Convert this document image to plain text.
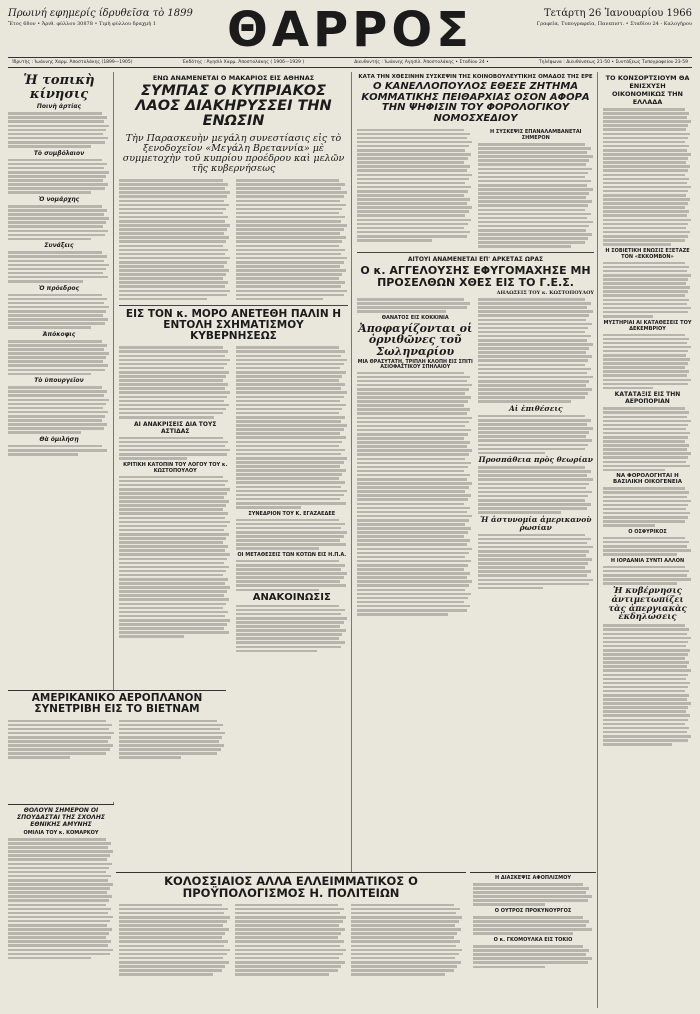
Πρωινή εφημερίς ίδρυθεῖσα τὸ 1899
Ἔτος 68ον • Ἀριθ. φύλλου 30878 • Τιμὴ φύλλου δραχμὴ 1	ΘΑΡΡΟΣ	Τετάρτη 26 Ἰανουαρίου 1966
Γραφεῖα, Τυπογραφεῖα, Πανεπιστ. • Σταδίου 24 - Καλογήρου
Ἱδρυτὴς : Ἰωάννης Χαρμ. Ἀποστολάκης (1899—1905)	Ἐκδότης : Ἀγησὶλ Χαρμ. Ἀποστολάκης ( 1906—1929 )	Διευθυντής : Ἰωάννης Αγησὶλ. Ἀποστολάκης • Σταδίου 24 •	Τηλέφωνα : Διευθύνσεως 21-50 • Συντάξεως Τυπογραφείου 23-59
Ἡ τοπικὴ κίνησις
Ποινὴ ἀρτίας
Τὸ συμβόλαιον
Ὁ νομάρχης
Συνάξεις
Ὁ πρόεδρος
Ἀπόκοψις
Τὸ ὑπουργεῖον
Θὰ ὁμιλήσῃ
ΑΜΕΡΙΚΑΝΙΚΟ ΑΕΡΟΠΛΑΝΟΝ ΣΥΝΕΤΡΙΒΗ ΕΙΣ ΤΟ ΒΙΕΤΝΑΜ
ΘΟΛΟΥΝ ΣΗΜΕΡΟΝ ΟΙ ΣΠΟΥΔΑΣΤΑΙ ΤΗΣ ΣΧΟΛΗΣ ΕΘΝΙΚΗΣ ΑΜΥΝΗΣ
ΟΜΙΛΙΑ ΤΟΥ κ. ΚΟΜΑΡΚΟΥ
ΕΝΩ ΑΝΑΜΕΝΕΤΑΙ Ο ΜΑΚΑΡΙΟΣ ΕΙΣ ΑΘΗΝΑΣ
ΣΥΜΠΑΣ Ο ΚΥΠΡΙΑΚΟΣ ΛΑΟΣ ΔΙΑΚΗΡΥΣΣΕΙ ΤΗΝ ΕΝΩΣΙΝ
Τὴν Παρασκευὴν μεγάλη συνεστίασις εἰς τὸ ξενοδοχεῖον «Μεγάλη Βρεταννία» μὲ συμμετοχὴν τοῦ κυπρίου προέδρου καὶ μελῶν τῆς κυβερνήσεως
ΕΙΣ ΤΟΝ κ. ΜΟΡΟ ΑΝΕΤΕΘΗ ΠΑΛΙΝ Η ΕΝΤΟΛΗ ΣΧΗΜΑΤΙΣΜΟΥ ΚΥΒΕΡΝΗΣΕΩΣ
ΑΙ ΑΝΑΚΡΙΣΕΙΣ ΔΙΑ ΤΟΥΣ ΑΣΤΙΔΑΣ
ΚΡΙΤΙΚΗ ΚΑΤΟΠΙΝ ΤΟΥ ΛΟΓΟΥ ΤΟΥ κ. ΚΩΣΤΟΠΟΥΛΟΥ
ΣΥΝΕΔΡΙΟΝ ΤΟΥ Κ. ΕΓΑΖΑΕΔΕΕ
ΟΙ ΜΕΤΑΘΕΣΕΙΣ ΤΩΝ ΚΟΤΩΝ ΕΙΣ Η.Π.Α.
ΑΝΑΚΟΙΝΩΣΙΣ
ΚΟΛΟΣΣΙΑΙΟΣ ΑΛΛΑ ΕΛΛΕΙΜΜΑΤΙΚΟΣ Ο ΠΡΟΫΠΟΛΟΓΙΣΜΟΣ Η. ΠΟΛΙΤΕΙΩΝ
ΚΑΤΑ ΤΗΝ ΧΘΕΣΙΝΗΝ ΣΥΣΚΕΨΙΝ ΤΗΣ ΚΟΙΝΟΒΟΥΛΕΥΤΙΚΗΣ ΟΜΑΔΟΣ ΤΗΣ ΕΡΕ
Ο ΚΑΝΕΛΛΟΠΟΥΛΟΣ ΕΘΕΣΕ ΖΗΤΗΜΑ ΚΟΜΜΑΤΙΚΗΣ ΠΕΙΘΑΡΧΙΑΣ ΟΣΟΝ ΑΦΟΡΑ ΤΗΝ ΨΗΦΙΣΙΝ ΤΟΥ ΦΟΡΟΛΟΓΙΚΟΥ ΝΟΜΟΣΧΕΔΙΟΥ
Η ΣΥΣΚΕΨΙΣ ΕΠΑΝΑΛΑΜΒΑΝΕΤΑΙ ΣΗΜΕΡΟΝ
ΑΙΤΟΥΙ ΑΝΑΜΕΝΕΤΑΙ ΕΠ' ΑΡΚΕΤΑΣ ΩΡΑΣ
Ο κ. ΑΓΓΕΛΟΥΣΗΣ ΕΦΥΓΟΜΑΧΗΣΕ ΜΗ ΠΡΟΣΕΛΘΩΝ ΧΘΕΣ ΕΙΣ ΤΟ Γ.Ε.Σ.
ΔΗΛΩΣΕΙΣ ΤΟΥ κ. ΚΩΣΤΟΠΟΥΛΟΥ
ΘΑΝΑΤΟΣ ΕΙΣ ΚΟΚΚΙΝΙΑ
Ἀποφαγίζονται οἱ ὀρνιθῶνες τοῦ Σωληναρίου
ΜΙΑ ΘΡΑΣΥΤΑΤΗ, ΤΡΙΠΛΗ ΚΛΟΠΗ ΕΙΣ ΣΠΙΤΙ ΑΣΙΟΦΑΣΤΙΚΟΥ ΣΠΗΛΑΙΟΥ
Αἱ ἐπιθέσεις
Προσπάθεια πρὸς θεωρίαν
Ἡ ἀστυνομία ἀμερικανοὺ ῥωσίαν
Η ΔΙΑΣΚΕΨΙΣ ΑΦΟΠΛΙΣΜΟΥ
Ο ΟΥΤΡΟΣ ΠΡΟΚΥΝΟΥΡΓΟΣ
Ο κ. ΓΚΟΜΟΥΛΚΑ ΕΙΣ ΤΟΚΙΟ
ΤΟ ΚΟΝΣΟΡΤΣΙΟΥΜ ΘΑ ΕΝΙΣΧΥΣΗ ΟΙΚΟΝΟΜΙΚΩΣ ΤΗΝ ΕΛΛΑΔΑ
Η ΣΟΒΙΕΤΙΚΗ ΕΝΩΣΙΣ ΕΞΕΤΑΖΕ ΤΟΝ «ΕΚΚΟΜΒΟΝ»
ΜΥΣΤΗΡΙΑΙ ΑΙ ΚΑΤΑΘΕΣΕΙΣ ΤΟΥ ΔΕΚΕΜΒΡΙΟΥ
ΚΑΤΑΤΑΞΙΣ ΕΙΣ ΤΗΝ ΑΕΡΟΠΟΡΙΑΝ
ΝΑ ΦΟΡΟΛΟΓΗΤΑΙ Η ΒΑΣΙΛΙΚΗ ΟΙΚΟΓΕΝΕΙΑ
Ο ΟΣΦΥΡΙΚΟΣ
Η ΙΟΡΔΑΝΙΑ ΣΥΝΤΙ ΑΛΛΟΝ
Ἡ κυβέρνησις ἀντιμετωπίζει τὰς ἀπεργιακὰς ἐκδηλώσεις
